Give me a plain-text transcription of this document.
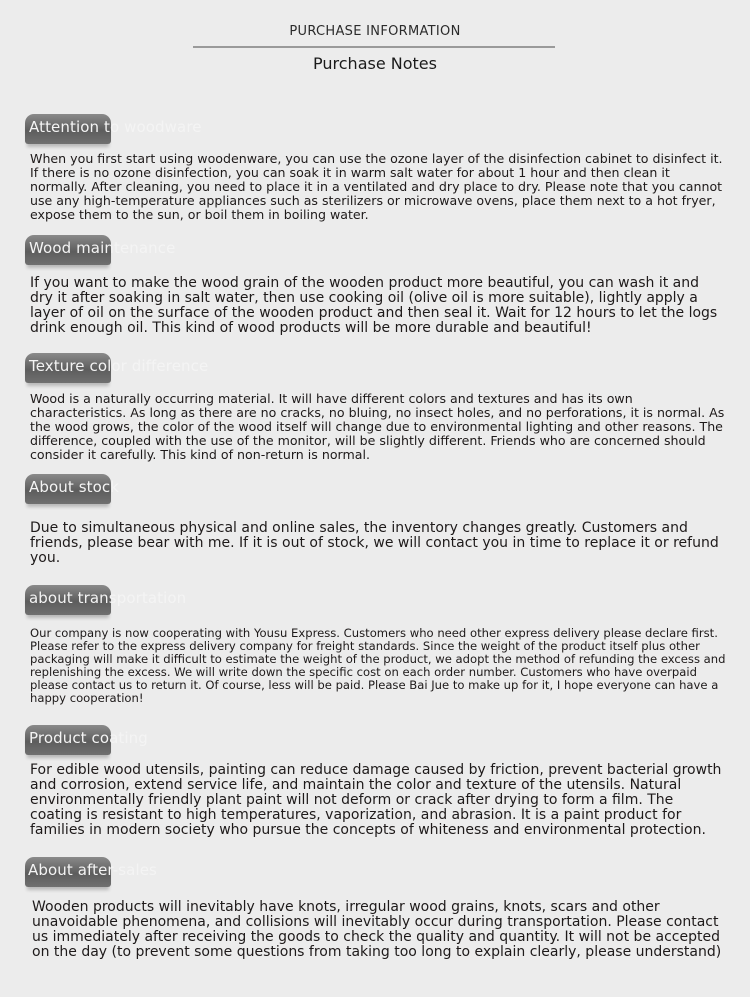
PURCHASE INFORMATION
Purchase Notes
Attention to woodware

When you first start using woodenware, you can use the ozone layer of the disinfection cabinet to disinfect it. If there is no ozone disinfection, you can soak it in warm salt water for about 1 hour and then clean it normally. After cleaning, you need to place it in a ventilated and dry place to dry. Please note that you cannot use any high-temperature appliances such as sterilizers or microwave ovens, place them next to a hot fryer, expose them to the sun, or boil them in boiling water.

Wood maintenance

If you want to make the wood grain of the wooden product more beautiful, you can wash it and dry it after soaking in salt water, then use cooking oil (olive oil is more suitable), lightly apply a layer of oil on the surface of the wooden product and then seal it. Wait for 12 hours to let the logs drink enough oil. This kind of wood products will be more durable and beautiful!

Texture color difference

Wood is a naturally occurring material. It will have different colors and textures and has its own characteristics. As long as there are no cracks, no bluing, no insect holes, and no perforations, it is normal. As the wood grows, the color of the wood itself will change due to environmental lighting and other reasons. The difference, coupled with the use of the monitor, will be slightly different. Friends who are concerned should consider it carefully. This kind of non-return is normal.

About stock

Due to simultaneous physical and online sales, the inventory changes greatly. Customers and friends, please bear with me. If it is out of stock, we will contact you in time to replace it or refund you.

about transportation

Our company is now cooperating with Yousu Express. Customers who need other express delivery please declare first. Please refer to the express delivery company for freight standards. Since the weight of the product itself plus other packaging will make it difficult to estimate the weight of the product, we adopt the method of refunding the excess and replenishing the excess. We will write down the specific cost on each order number. Customers who have overpaid please contact us to return it. Of course, less will be paid. Please Bai Jue to make up for it, I hope everyone can have a happy cooperation!

Product coating

For edible wood utensils, painting can reduce damage caused by friction, prevent bacterial growth and corrosion, extend service life, and maintain the color and texture of the utensils. Natural environmentally friendly plant paint will not deform or crack after drying to form a film. The coating is resistant to high temperatures, vaporization, and abrasion. It is a paint product for families in modern society who pursue the concepts of whiteness and environmental protection.

About after-sales

Wooden products will inevitably have knots, irregular wood grains, knots, scars and other unavoidable phenomena, and collisions will inevitably occur during transportation. Please contact us immediately after receiving the goods to check the quality and quantity. It will not be accepted on the day (to prevent some questions from taking too long to explain clearly, please understand)
